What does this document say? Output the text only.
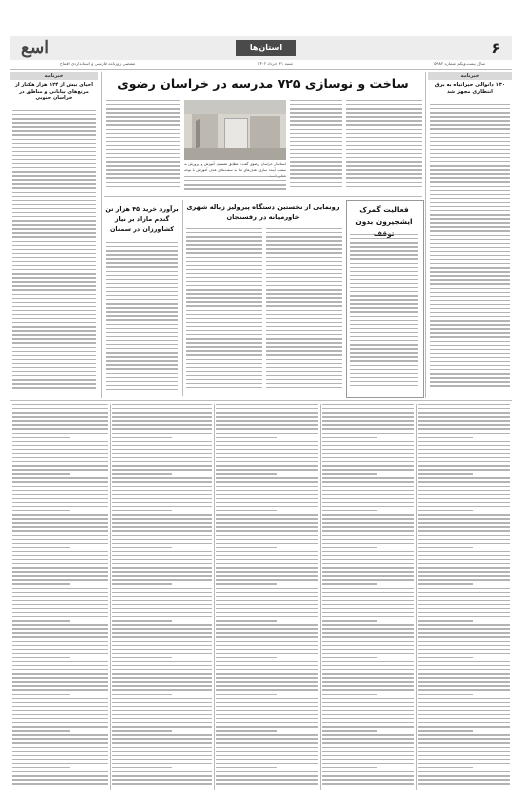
اسع	استان‌ها	۶
سال بیست‌ویکم شماره ۵۹۸۲
شنبه ۳۱ خرداد ۱۴۰۲
مقتضی روزنامه فارسی و استانداردی افتتاح
خبرنامه
۱۳۰ دانوالی حیرانیاه به برق انتظاری مجهز شد
خبرنامه
احیای بیش از ۱۲۴ هزار هکتار از مرتع‌های بیابانی و مناطق در خراسان جنوبی
ساخت و نوسازی ۷۲۵ مدرسه در خراسان رضوی
استاندار خراسان رضوی گفت: مطابق تصمیم، آموزش و پرورش به سمت آینده سازی هدف‌های ما به سمت‌های هدف آموزش با توجه
فعالیت گمرک ایشجیرون بدون
رونمایی از نخستین دستگاه پیرولیز زباله شهری خاورمیانه در رفسنجان
برآورد خرید ۴۵ هزار تن گندم مازاد بر نیاز کشاورزان در سمنان
